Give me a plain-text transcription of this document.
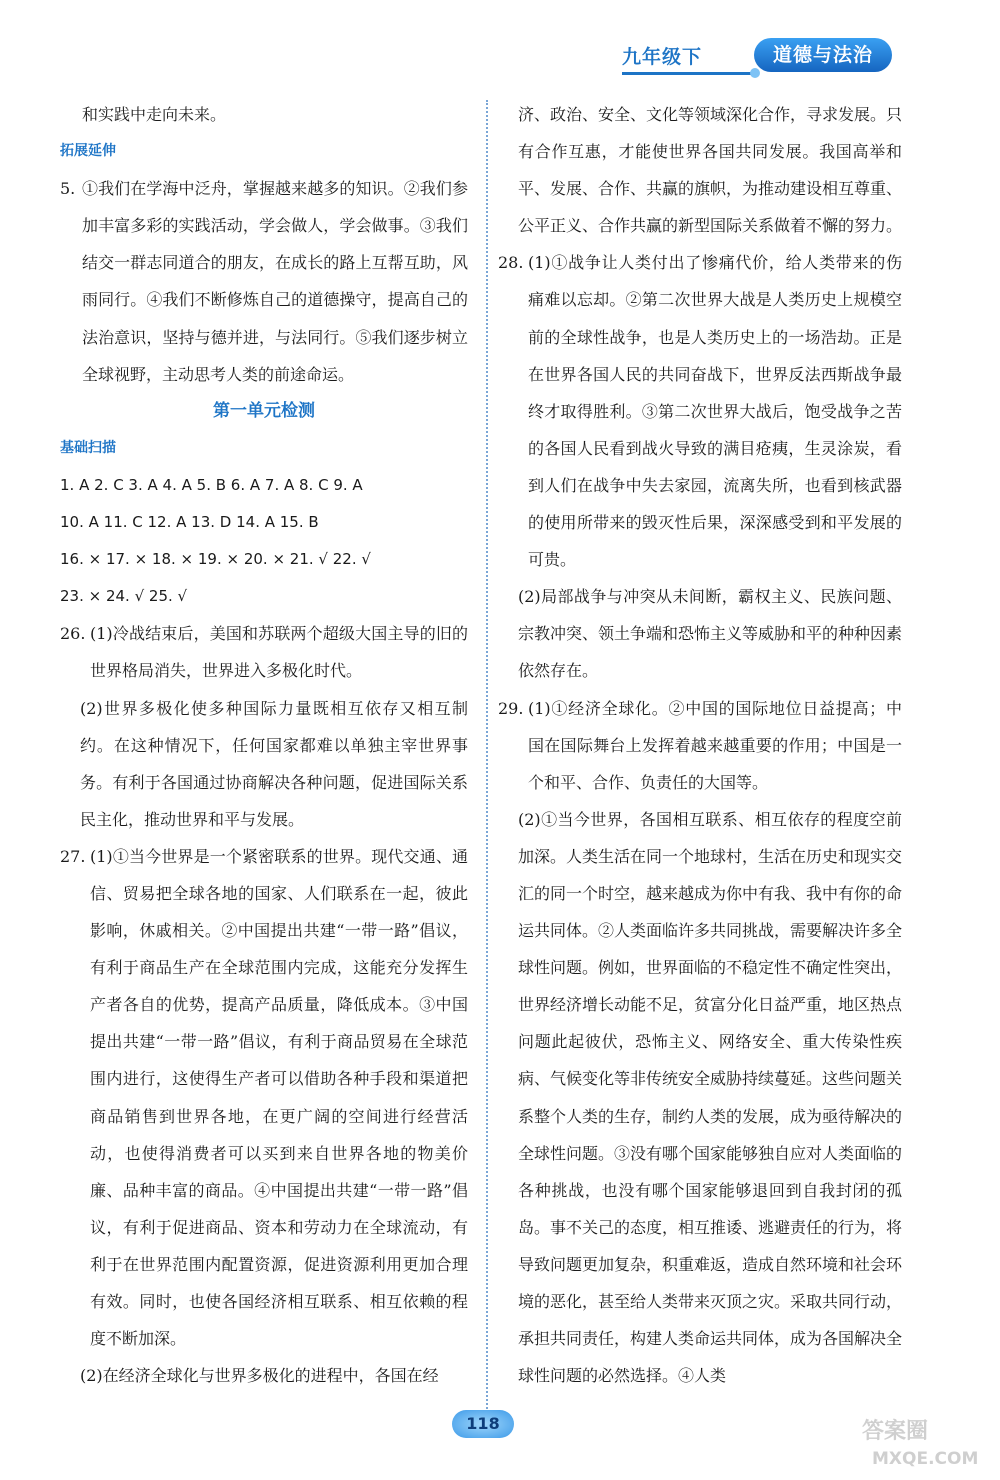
九年级下	道德与法治
和实践中走向未来。
拓展延伸
5. ①我们在学海中泛舟，掌握越来越多的知识。②我们参加丰富多彩的实践活动，学会做人，学会做事。③我们结交一群志同道合的朋友，在成长的路上互帮互助，风雨同行。④我们不断修炼自己的道德操守，提高自己的法治意识，坚持与德并进，与法同行。⑤我们逐步树立全球视野，主动思考人类的前途命运。
第一单元检测
基础扫描
1. A 2. C 3. A 4. A 5. B 6. A 7. A 8. C 9. A
10. A 11. C 12. A 13. D 14. A 15. B
16. × 17. × 18. × 19. × 20. × 21. √ 22. √
23. × 24. √ 25. √
26. (1)冷战结束后，美国和苏联两个超级大国主导的旧的世界格局消失，世界进入多极化时代。
(2)世界多极化使多种国际力量既相互依存又相互制约。在这种情况下，任何国家都难以单独主宰世界事务。有利于各国通过协商解决各种问题，促进国际关系民主化，推动世界和平与发展。
27. (1)①当今世界是一个紧密联系的世界。现代交通、通信、贸易把全球各地的国家、人们联系在一起，彼此影响，休戚相关。②中国提出共建“一带一路”倡议，有利于商品生产在全球范围内完成，这能充分发挥生产者各自的优势，提高产品质量，降低成本。③中国提出共建“一带一路”倡议，有利于商品贸易在全球范围内进行，这使得生产者可以借助各种手段和渠道把商品销售到世界各地，在更广阔的空间进行经营活动，也使得消费者可以买到来自世界各地的物美价廉、品种丰富的商品。④中国提出共建“一带一路”倡议，有利于促进商品、资本和劳动力在全球流动，有利于在世界范围内配置资源，促进资源利用更加合理有效。同时，也使各国经济相互联系、相互依赖的程度不断加深。
(2)在经济全球化与世界多极化的进程中，各国在经
济、政治、安全、文化等领域深化合作，寻求发展。只有合作互惠，才能使世界各国共同发展。我国高举和平、发展、合作、共赢的旗帜，为推动建设相互尊重、公平正义、合作共赢的新型国际关系做着不懈的努力。
28. (1)①战争让人类付出了惨痛代价，给人类带来的伤痛难以忘却。②第二次世界大战是人类历史上规模空前的全球性战争，也是人类历史上的一场浩劫。正是在世界各国人民的共同奋战下，世界反法西斯战争最终才取得胜利。③第二次世界大战后，饱受战争之苦的各国人民看到战火导致的满目疮痍，生灵涂炭，看到人们在战争中失去家园，流离失所，也看到核武器的使用所带来的毁灭性后果，深深感受到和平发展的可贵。
(2)局部战争与冲突从未间断，霸权主义、民族问题、宗教冲突、领土争端和恐怖主义等威胁和平的种种因素依然存在。
29. (1)①经济全球化。②中国的国际地位日益提高；中国在国际舞台上发挥着越来越重要的作用；中国是一个和平、合作、负责任的大国等。
(2)①当今世界，各国相互联系、相互依存的程度空前加深。人类生活在同一个地球村，生活在历史和现实交汇的同一个时空，越来越成为你中有我、我中有你的命运共同体。②人类面临许多共同挑战，需要解决许多全球性问题。例如，世界面临的不稳定性不确定性突出，世界经济增长动能不足，贫富分化日益严重，地区热点问题此起彼伏，恐怖主义、网络安全、重大传染性疾病、气候变化等非传统安全威胁持续蔓延。这些问题关系整个人类的生存，制约人类的发展，成为亟待解决的全球性问题。③没有哪个国家能够独自应对人类面临的各种挑战，也没有哪个国家能够退回到自我封闭的孤岛。事不关己的态度，相互推诿、逃避责任的行为，将导致问题更加复杂，积重难返，造成自然环境和社会环境的恶化，甚至给人类带来灭顶之灾。采取共同行动，承担共同责任，构建人类命运共同体，成为各国解决全球性问题的必然选择。④人类
118	答案圈
MXQE.COM
